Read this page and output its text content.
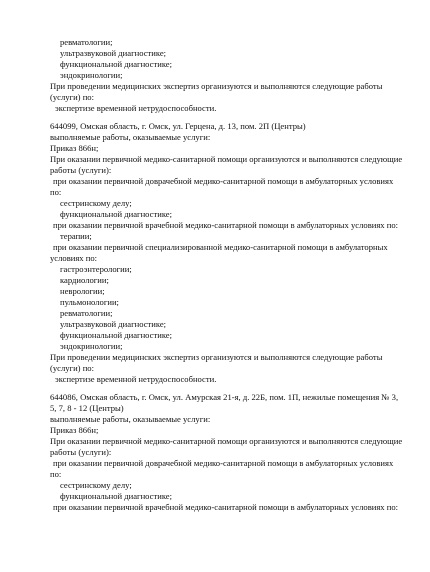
ревматологии;
ультразвуковой диагностике;
функциональной диагностике;
эндокринологии;
При проведении медицинских экспертиз организуются и выполняются следующие работы
(услуги) по:
экспертизе временной нетрудоспособности.
644099, Омская область, г. Омск, ул. Герцена, д. 13, пом. 2П (Центры)
выполняемые работы, оказываемые услуги:
Приказ 866н;
При оказании первичной медико-санитарной помощи организуются и выполняются следующие
работы (услуги):
при оказании первичной доврачебной медико-санитарной помощи в амбулаторных условиях
по:
сестринскому делу;
функциональной диагностике;
при оказании первичной врачебной медико-санитарной помощи в амбулаторных условиях по:
терапии;
при оказании первичной специализированной медико-санитарной помощи в амбулаторных
условиях по:
гастроэнтерологии;
кардиологии;
неврологии;
пульмонологии;
ревматологии;
ультразвуковой диагностике;
функциональной диагностике;
эндокринологии;
При проведении медицинских экспертиз организуются и выполняются следующие работы
(услуги) по:
экспертизе временной нетрудоспособности.
644086, Омская область, г. Омск, ул. Амурская 21-я, д. 22Б, пом. 1П, нежилые помещения № 3,
5, 7, 8 - 12 (Центры)
выполняемые работы, оказываемые услуги:
Приказ 866н;
При оказании первичной медико-санитарной помощи организуются и выполняются следующие
работы (услуги):
при оказании первичной доврачебной медико-санитарной помощи в амбулаторных условиях
по:
сестринскому делу;
функциональной диагностике;
при оказании первичной врачебной медико-санитарной помощи в амбулаторных условиях по:
